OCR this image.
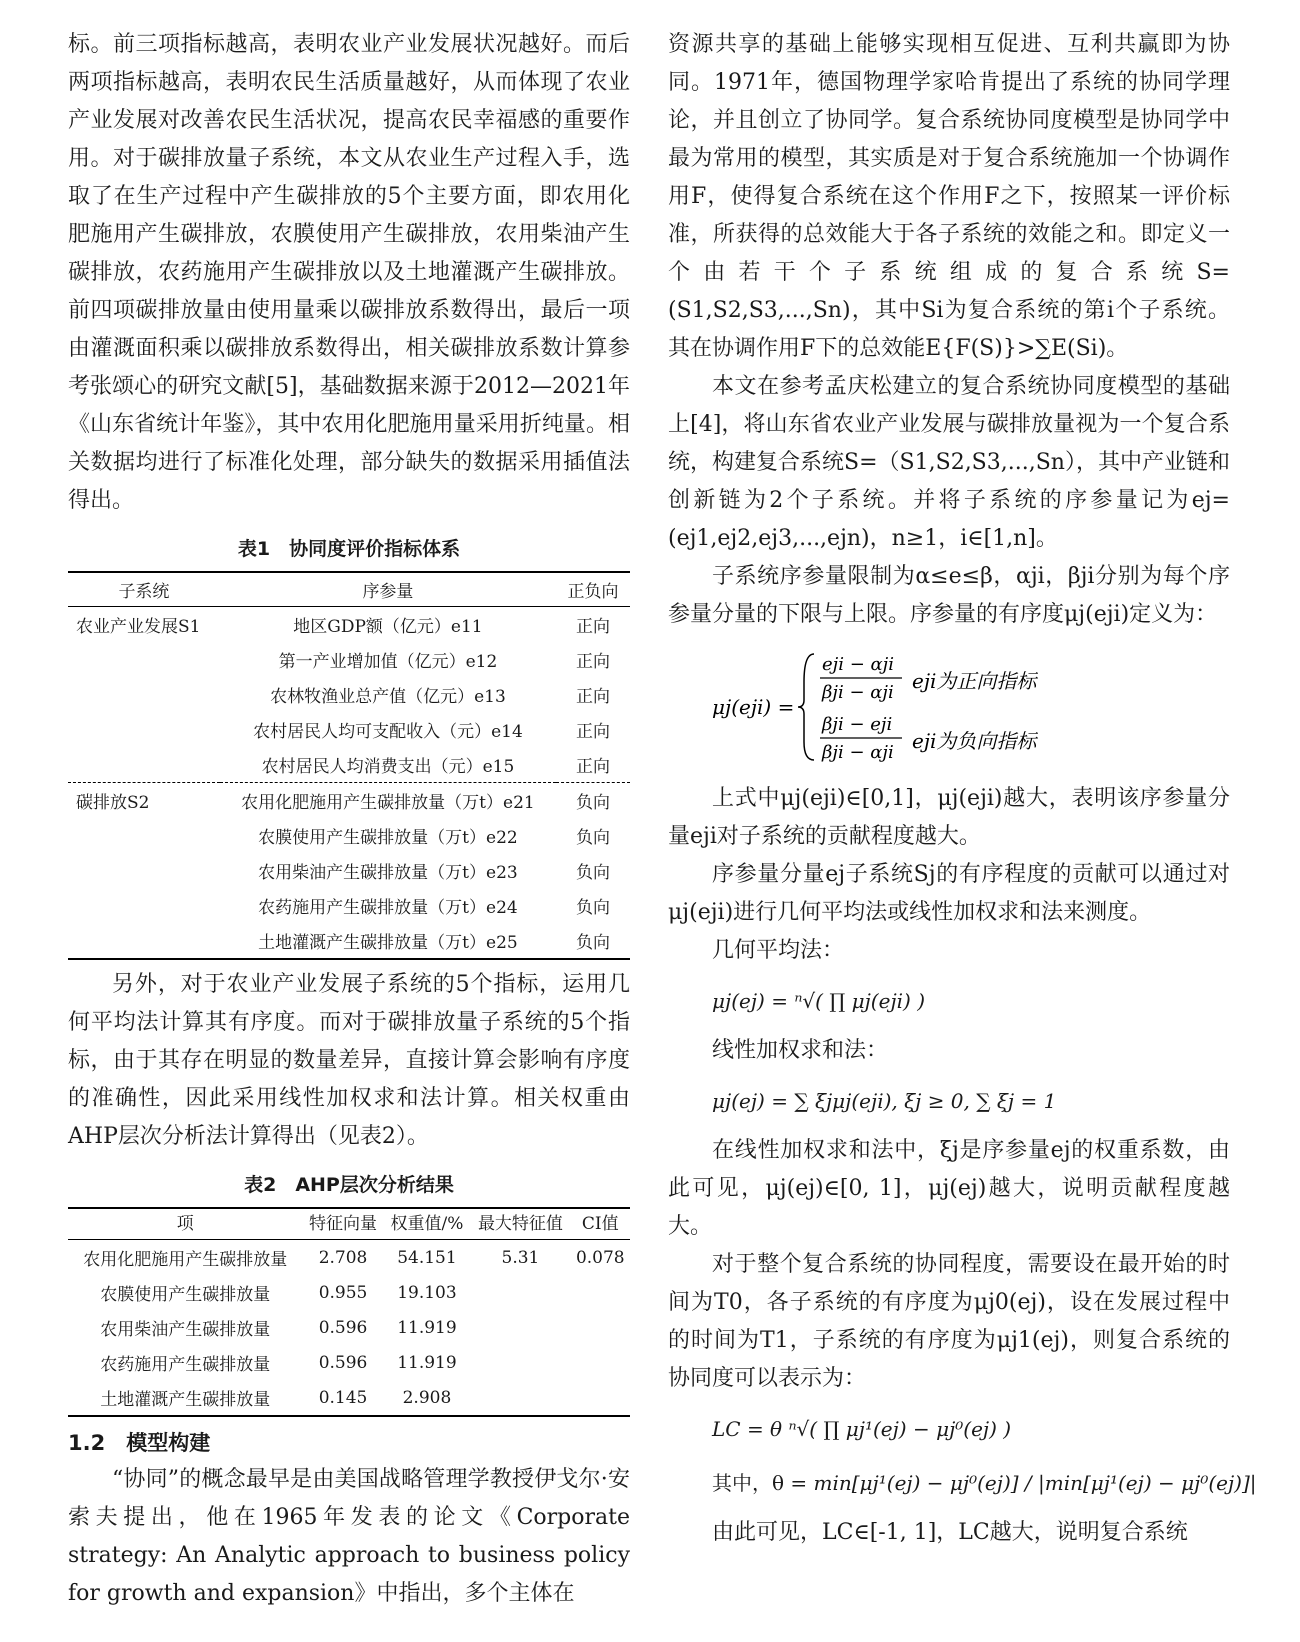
标。前三项指标越高，表明农业产业发展状况越好。而后两项指标越高，表明农民生活质量越好，从而体现了农业产业发展对改善农民生活状况，提高农民幸福感的重要作用。对于碳排放量子系统，本文从农业生产过程入手，选取了在生产过程中产生碳排放的5个主要方面，即农用化肥施用产生碳排放，农膜使用产生碳排放，农用柴油产生碳排放，农药施用产生碳排放以及土地灌溉产生碳排放。前四项碳排放量由使用量乘以碳排放系数得出，最后一项由灌溉面积乘以碳排放系数得出，相关碳排放系数计算参考张颂心的研究文献[5]，基础数据来源于2012—2021年《山东省统计年鉴》，其中农用化肥施用量采用折纯量。相关数据均进行了标准化处理，部分缺失的数据采用插值法得出。

表1　协同度评价指标体系
子系统	序参量	正负向
农业产业发展S1	地区GDP额（亿元）e11	正向
	第一产业增加值（亿元）e12	正向
	农林牧渔业总产值（亿元）e13	正向
	农村居民人均可支配收入（元）e14	正向
	农村居民人均消费支出（元）e15	正向
碳排放S2	农用化肥施用产生碳排放量（万t）e21	负向
	农膜使用产生碳排放量（万t）e22	负向
	农用柴油产生碳排放量（万t）e23	负向
	农药施用产生碳排放量（万t）e24	负向
	土地灌溉产生碳排放量（万t）e25	负向

另外，对于农业产业发展子系统的5个指标，运用几何平均法计算其有序度。而对于碳排放量子系统的5个指标，由于其存在明显的数量差异，直接计算会影响有序度的准确性，因此采用线性加权求和法计算。相关权重由AHP层次分析法计算得出（见表2）。

表2　AHP层次分析结果
项	特征向量	权重值/%	最大特征值	CI值
农用化肥施用产生碳排放量	2.708	54.151	5.31	0.078
农膜使用产生碳排放量	0.955	19.103		
农用柴油产生碳排放量	0.596	11.919		
农药施用产生碳排放量	0.596	11.919		
土地灌溉产生碳排放量	0.145	2.908		
1.2　模型构建

“协同”的概念最早是由美国战略管理学教授伊戈尔·安索夫提出，他在1965年发表的论文《Corporate strategy: An Analytic approach to business policy for growth and expansion》中指出，多个主体在

资源共享的基础上能够实现相互促进、互利共赢即为协同。1971年，德国物理学家哈肯提出了系统的协同学理论，并且创立了协同学。复合系统协同度模型是协同学中最为常用的模型，其实质是对于复合系统施加一个协调作用F，使得复合系统在这个作用F之下，按照某一评价标准，所获得的总效能大于各子系统的效能之和。即定义一个由若干个子系统组成的复合系统S=(S1,S2,S3,...,Sn)，其中Si为复合系统的第i个子系统。其在协调作用F下的总效能E{F(S)}>∑E(Si)。

本文在参考孟庆松建立的复合系统协同度模型的基础上[4]，将山东省农业产业发展与碳排放量视为一个复合系统，构建复合系统S=（S1,S2,S3,...,Sn），其中产业链和创新链为2个子系统。并将子系统的序参量记为ej=(ej1,ej2,ej3,...,ejn)，n≥1，i∈[1,n]。

子系统序参量限制为α≤e≤β，αji，βji分别为每个序参量分量的下限与上限。序参量的有序度μj(eji)定义为：

μj(eji) =
eji − αji
βji − αji eji为正向指标
βji − eji
βji − αji eji为负向指标

上式中μj(eji)∈[0,1]，μj(eji)越大，表明该序参量分量eji对子系统的贡献程度越大。

序参量分量ej子系统Sj的有序程度的贡献可以通过对μj(eji)进行几何平均法或线性加权求和法来测度。

几何平均法：

μj(ej) = ⁿ√( ∏ μj(eji) )

线性加权求和法：

μj(ej) = ∑ ξjμj(eji), ξj ≥ 0, ∑ ξj = 1

在线性加权求和法中，ξj是序参量ej的权重系数，由此可见，μj(ej)∈[0, 1]，μj(ej)越大，说明贡献程度越大。

对于整个复合系统的协同程度，需要设在最开始的时间为T0，各子系统的有序度为μj0(ej)，设在发展过程中的时间为T1，子系统的有序度为μj1(ej)，则复合系统的协同度可以表示为：

LC = θ ⁿ√( ∏ μj¹(ej) − μj⁰(ej) )
其中，θ = min[μj¹(ej) − μj⁰(ej)] / |min[μj¹(ej) − μj⁰(ej)]|

由此可见，LC∈[-1, 1]，LC越大，说明复合系统
